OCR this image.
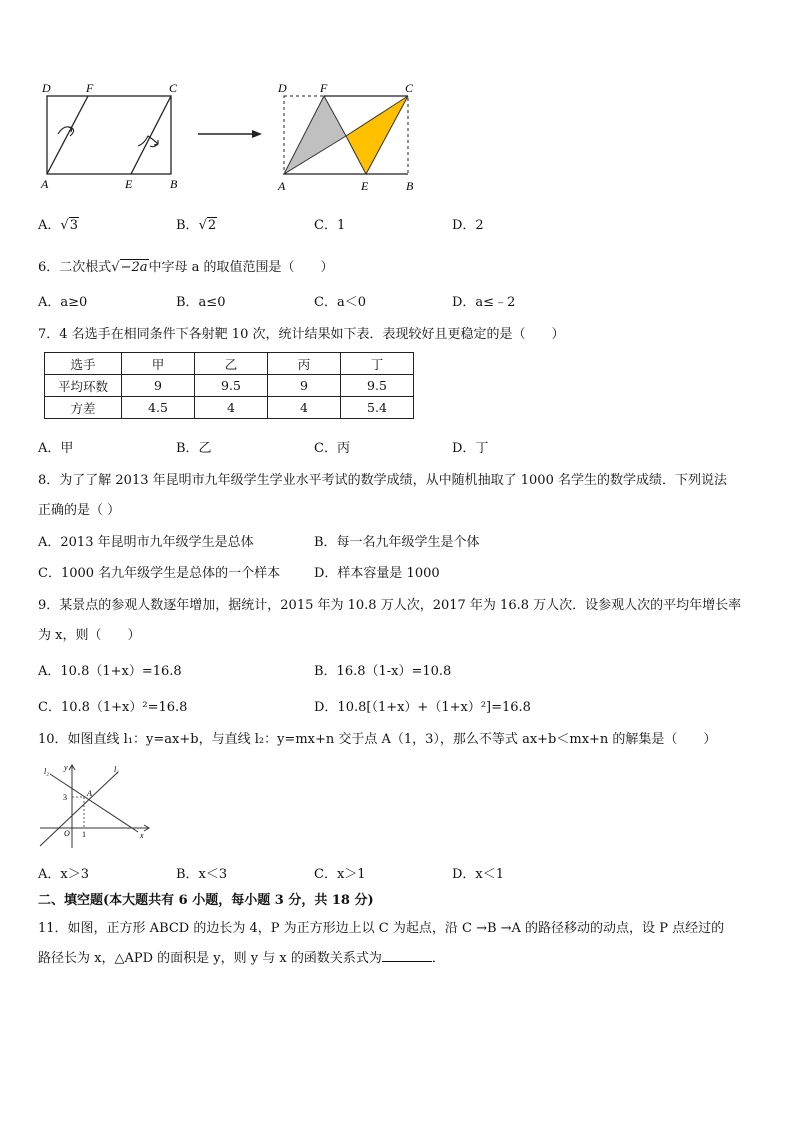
D	F	C
A	E	B
D	F	C
A	E	B
A．√3	B．√2	C．1	D．2
6．二次根式√−2a中字母 a 的取值范围是（　　）
A．a≥0	B．a≤0	C．a＜0	D．a≤﹣2
7．4 名选手在相同条件下各射靶 10 次，统计结果如下表．表现较好且更稳定的是（　　）
选手	甲	乙	丙	丁
平均环数	9	9.5	9	9.5
方差	4.5	4	4	5.4
A．甲	B．乙	C．丙	D．丁
8．为了了解 2013 年昆明市九年级学生学业水平考试的数学成绩，从中随机抽取了 1000 名学生的数学成绩．下列说法
正确的是（ ）
A．2013 年昆明市九年级学生是总体	B．每一名九年级学生是个体
C．1000 名九年级学生是总体的一个样本	D．样本容量是 1000
9．某景点的参观人数逐年增加，据统计，2015 年为 10.8 万人次，2017 年为 16.8 万人次．设参观人次的平均年增长率
为 x，则（　　）
A．10.8（1+x）=16.8	B．16.8（1-x）=10.8
C．10.8（1+x）²=16.8	D．10.8[（1+x）+（1+x）²]=16.8
10．如图直线 l₁：y=ax+b，与直线 l₂：y=mx+n 交于点 A（1，3），那么不等式 ax+b＜mx+n 的解集是（　　）
l₂	l₁
y
x
A
3
1
O
A．x＞3	B．x＜3	C．x＞1	D．x＜1
二、填空题(本大题共有 6 小题，每小题 3 分，共 18 分)
11．如图，正方形 ABCD 的边长为 4，P 为正方形边上以 C 为起点，沿 C →B →A 的路径移动的动点，设 P 点经过的
路径长为 x，△APD 的面积是 y，则 y 与 x 的函数关系式为	．
